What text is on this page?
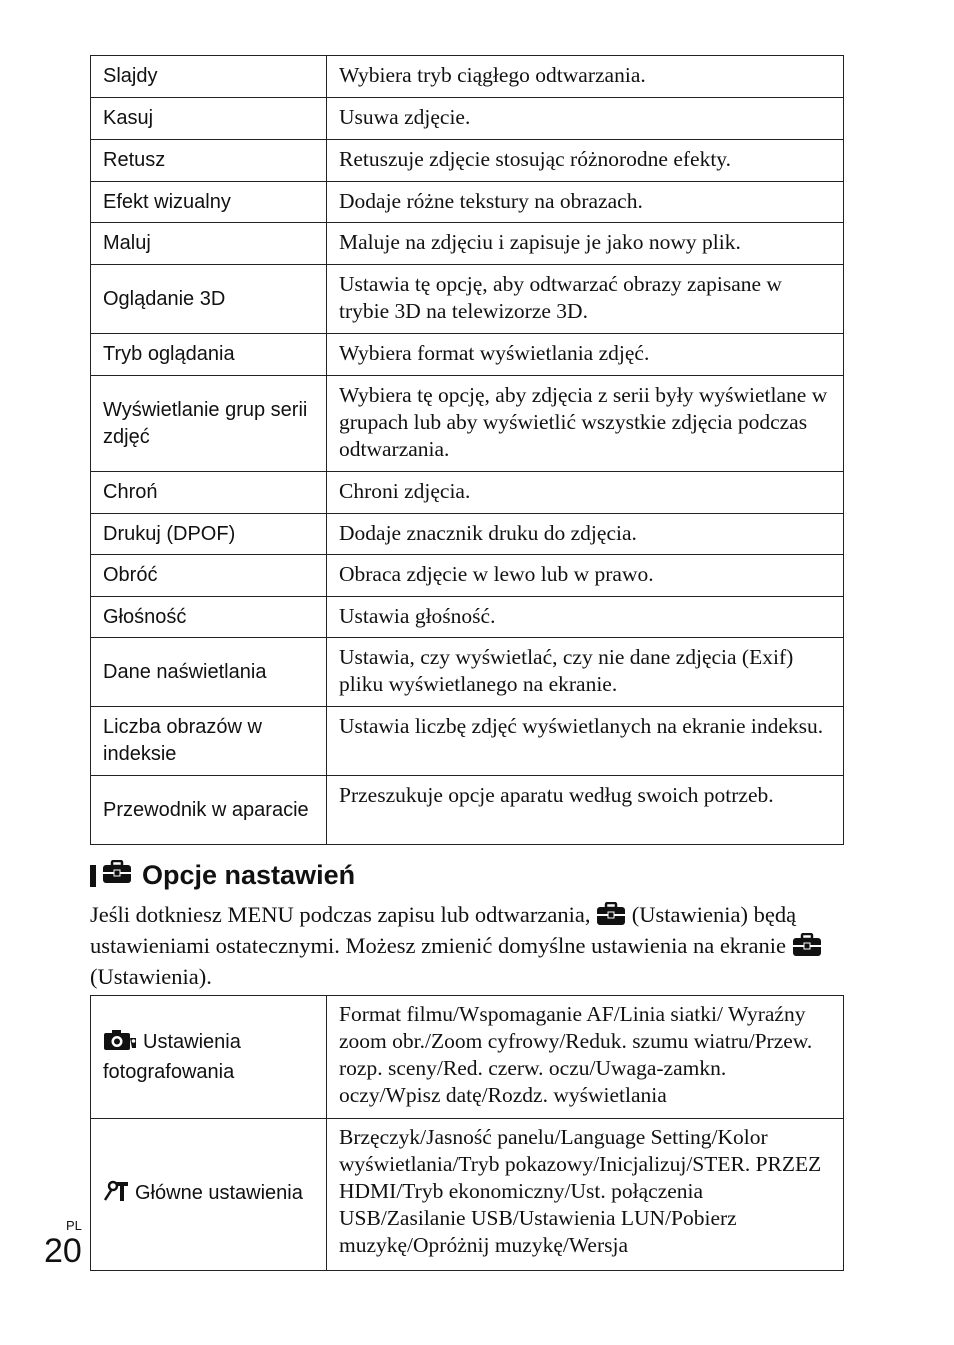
Slajdy	Wybiera tryb ciągłego odtwarzania.
Kasuj	Usuwa zdjęcie.
Retusz	Retuszuje zdjęcie stosując różnorodne efekty.
Efekt wizualny	Dodaje różne tekstury na obrazach.
Maluj	Maluje na zdjęciu i zapisuje je jako nowy plik.
Oglądanie 3D	Ustawia tę opcję, aby odtwarzać obrazy zapisane w trybie 3D na telewizorze 3D.
Tryb oglądania	Wybiera format wyświetlania zdjęć.
Wyświetlanie grup serii zdjęć	Wybiera tę opcję, aby zdjęcia z serii były wyświetlane w grupach lub aby wyświetlić wszystkie zdjęcia podczas odtwarzania.
Chroń	Chroni zdjęcia.
Drukuj (DPOF)	Dodaje znacznik druku do zdjęcia.
Obróć	Obraca zdjęcie w lewo lub w prawo.
Głośność	Ustawia głośność.
Dane naświetlania	Ustawia, czy wyświetlać, czy nie dane zdjęcia (Exif) pliku wyświetlanego na ekranie.
Liczba obrazów w indeksie	Ustawia liczbę zdjęć wyświetlanych na ekranie indeksu.
Przewodnik w aparacie	Przeszukuje opcje aparatu według swoich potrzeb.
Opcje nastawień
Jeśli dotkniesz MENU podczas zapisu lub odtwarzania, (Ustawienia) będą ustawieniami ostatecznymi. Możesz zmienić domyślne ustawienia na ekranie  (Ustawienia).
Ustawienia fotografowania	Format filmu/Wspomaganie AF/Linia siatki/ Wyraźny zoom obr./Zoom cyfrowy/Reduk. szumu wiatru/Przew. rozp. sceny/Red. czerw. oczu/Uwaga-zamkn. oczy/Wpisz datę/Rozdz. wyświetlania
Główne ustawienia	Brzęczyk/Jasność panelu/Language Setting/Kolor wyświetlania/Tryb pokazowy/Inicjalizuj/STER. PRZEZ HDMI/Tryb ekonomiczny/Ust. połączenia USB/Zasilanie USB/Ustawienia LUN/Pobierz muzykę/Opróżnij muzykę/Wersja
PL
20
